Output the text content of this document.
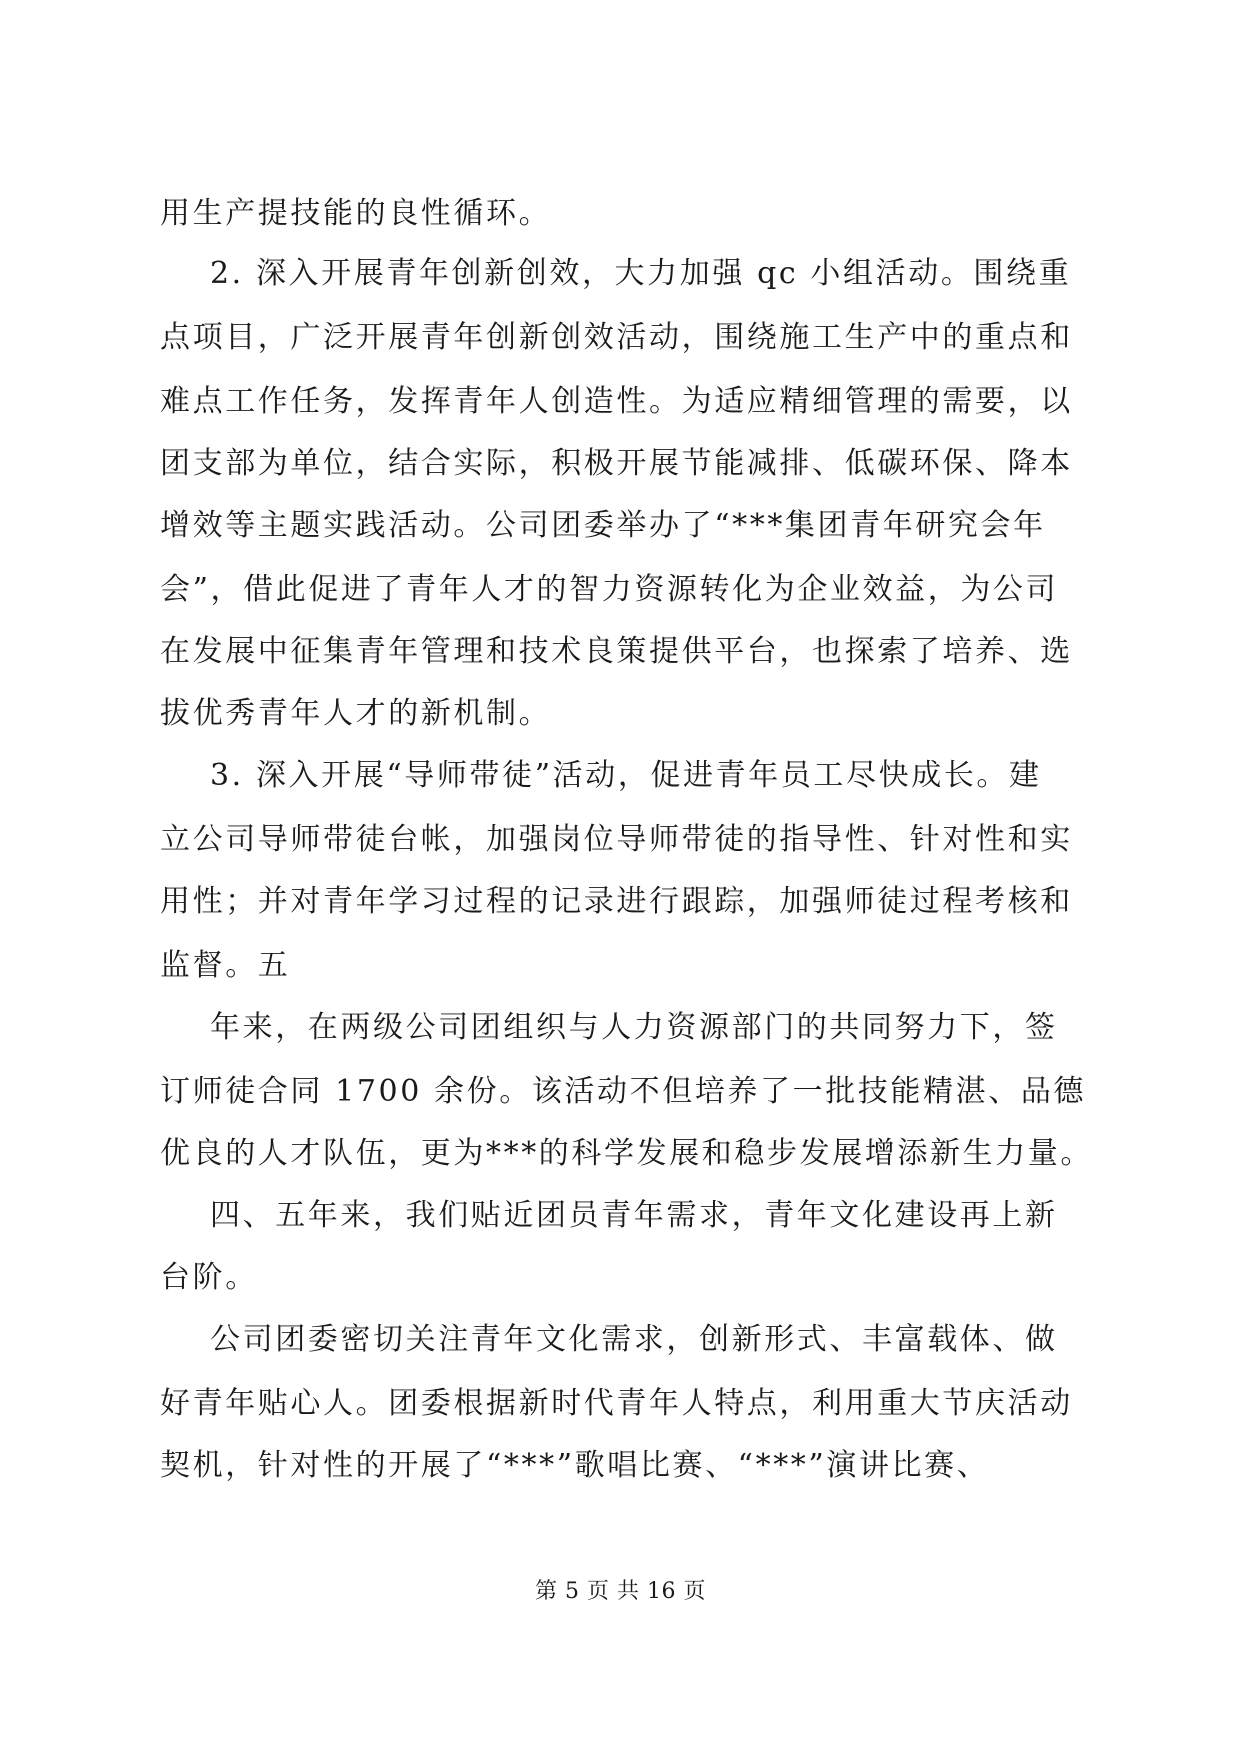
用生产提技能的良性循环。
2. 深入开展青年创新创效，大力加强 qc 小组活动。围绕重
点项目，广泛开展青年创新创效活动，围绕施工生产中的重点和
难点工作任务，发挥青年人创造性。为适应精细管理的需要，以
团支部为单位，结合实际，积极开展节能减排、低碳环保、降本
增效等主题实践活动。公司团委举办了“***集团青年研究会年
会”，借此促进了青年人才的智力资源转化为企业效益，为公司
在发展中征集青年管理和技术良策提供平台，也探索了培养、选
拔优秀青年人才的新机制。
3. 深入开展“导师带徒”活动，促进青年员工尽快成长。建
立公司导师带徒台帐，加强岗位导师带徒的指导性、针对性和实
用性；并对青年学习过程的记录进行跟踪，加强师徒过程考核和
监督。五
年来，在两级公司团组织与人力资源部门的共同努力下，签
订师徒合同 1700 余份。该活动不但培养了一批技能精湛、品德
优良的人才队伍，更为***的科学发展和稳步发展增添新生力量。
四、五年来，我们贴近团员青年需求，青年文化建设再上新
台阶。
公司团委密切关注青年文化需求，创新形式、丰富载体、做
好青年贴心人。团委根据新时代青年人特点，利用重大节庆活动
契机，针对性的开展了“***”歌唱比赛、“***”演讲比赛、
第 5 页 共 16 页
